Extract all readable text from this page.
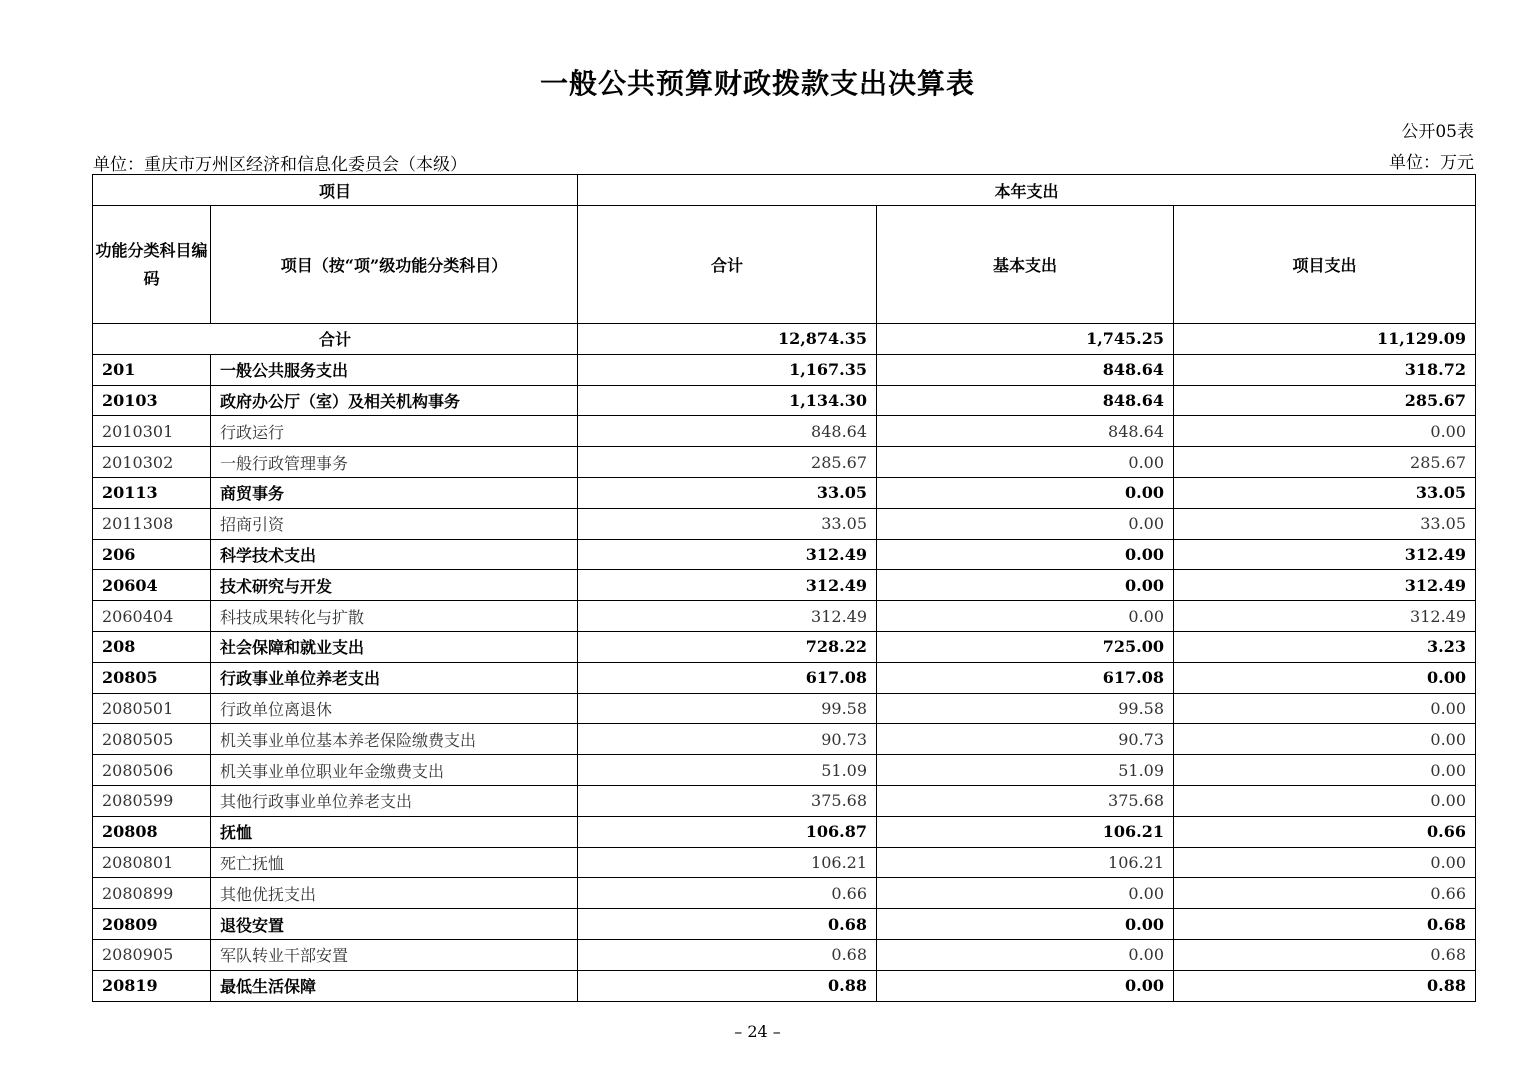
一般公共预算财政拨款支出决算表
公开05表
单位：重庆市万州区经济和信息化委员会（本级）	单位：万元
项目		本年支出		
功能分类科目编码	项目（按“项”级功能分类科目）	合计	基本支出	项目支出
合计		12,874.35	1,745.25	11,129.09
201	一般公共服务支出	1,167.35	848.64	318.72
20103	政府办公厅（室）及相关机构事务	1,134.30	848.64	285.67
2010301	行政运行	848.64	848.64	0.00
2010302	一般行政管理事务	285.67	0.00	285.67
20113	商贸事务	33.05	0.00	33.05
2011308	招商引资	33.05	0.00	33.05
206	科学技术支出	312.49	0.00	312.49
20604	技术研究与开发	312.49	0.00	312.49
2060404	科技成果转化与扩散	312.49	0.00	312.49
208	社会保障和就业支出	728.22	725.00	3.23
20805	行政事业单位养老支出	617.08	617.08	0.00
2080501	行政单位离退休	99.58	99.58	0.00
2080505	机关事业单位基本养老保险缴费支出	90.73	90.73	0.00
2080506	机关事业单位职业年金缴费支出	51.09	51.09	0.00
2080599	其他行政事业单位养老支出	375.68	375.68	0.00
20808	抚恤	106.87	106.21	0.66
2080801	死亡抚恤	106.21	106.21	0.00
2080899	其他优抚支出	0.66	0.00	0.66
20809	退役安置	0.68	0.00	0.68
2080905	军队转业干部安置	0.68	0.00	0.68
20819	最低生活保障	0.88	0.00	0.88
– 24 –
